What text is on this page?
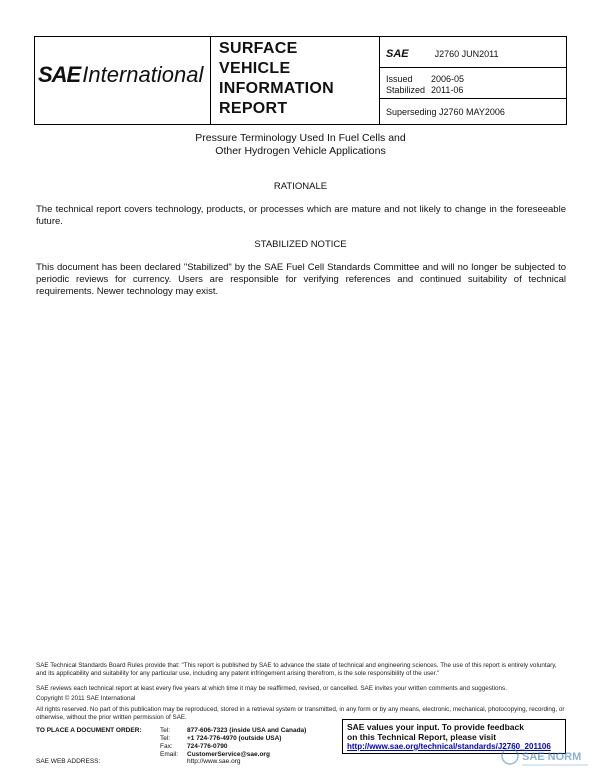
SAE International
SURFACE
VEHICLE
INFORMATION
REPORT
SAE	J2760 JUN2011
Issued	2006-05
Stabilized 2011-06
Superseding J2760 MAY2006
Pressure Terminology Used In Fuel Cells and
Other Hydrogen Vehicle Applications
RATIONALE
The technical report covers technology, products, or processes which are mature and not likely to change in the foreseeable future.
STABILIZED NOTICE
This document has been declared "Stabilized" by the SAE Fuel Cell Standards Committee and will no longer be subjected to periodic reviews for currency. Users are responsible for verifying references and continued suitability of technical requirements. Newer technology may exist.
SAE Technical Standards Board Rules provide that: "This report is published by SAE to advance the state of technical and engineering sciences. The use of this report is entirely voluntary, and its applicability and suitability for any particular use, including any patent infringement arising therefrom, is the sole responsibility of the user."
SAE reviews each technical report at least every five years at which time it may be reaffirmed, revised, or cancelled. SAE invites your written comments and suggestions.
Copyright © 2011 SAE International
All rights reserved. No part of this publication may be reproduced, stored in a retrieval system or transmitted, in any form or by any means, electronic, mechanical, photocopying, recording, or otherwise, without the prior written permission of SAE.
TO PLACE A DOCUMENT ORDER:	Tel:	877-606-7323 (inside USA and Canada)
Tel:	+1 724-776-4970 (outside USA)
Fax:	724-776-0790
Email:	CustomerService@sae.org
SAE WEB ADDRESS:	http://www.sae.org
SAE values your input. To provide feedback
on this Technical Report, please visit
http://www.sae.org/technical/standards/J2760_201106
SAE NORM
